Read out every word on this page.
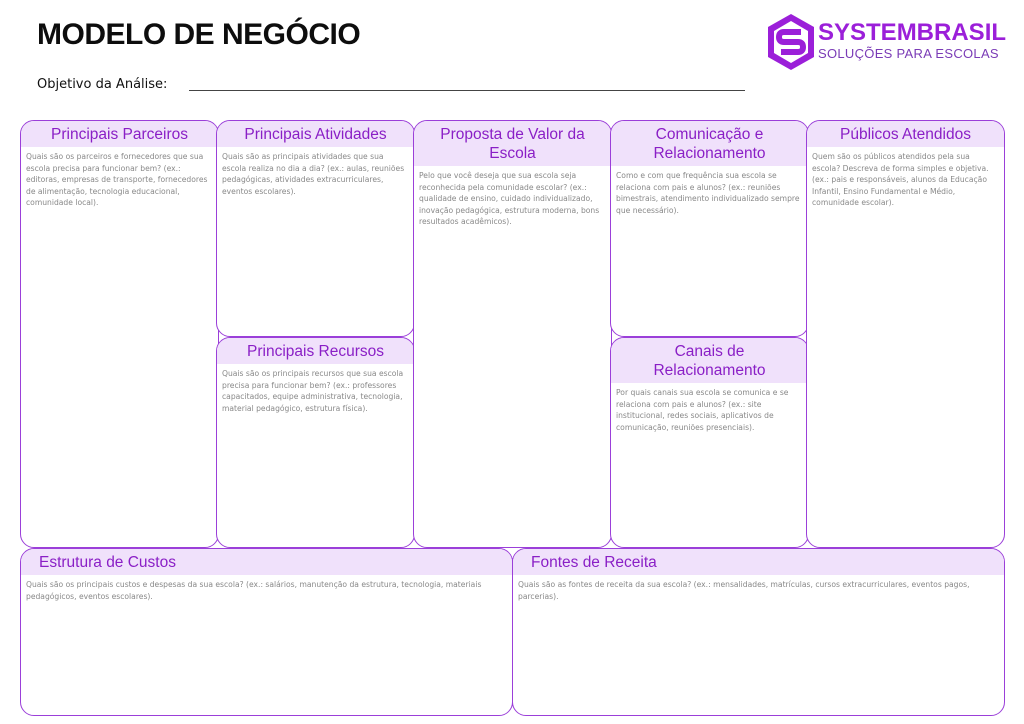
MODELO DE NEGÓCIO
Objetivo da Análise:
SYSTEMBRASIL
SOLUÇÕES PARA ESCOLAS
Principais Parceiros
Quais são os parceiros e fornecedores que sua escola precisa para funcionar bem? (ex.: editoras, empresas de transporte, fornecedores de alimentação, tecnologia educacional, comunidade local).
Principais Atividades
Quais são as principais atividades que sua escola realiza no dia a dia? (ex.: aulas, reuniões pedagógicas, atividades extracurriculares, eventos escolares).
Principais Recursos
Quais são os principais recursos que sua escola precisa para funcionar bem? (ex.: professores capacitados, equipe administrativa, tecnologia, material pedagógico, estrutura física).
Proposta de Valor da Escola
Pelo que você deseja que sua escola seja reconhecida pela comunidade escolar? (ex.: qualidade de ensino, cuidado individualizado, inovação pedagógica, estrutura moderna, bons resultados acadêmicos).
Comunicação e Relacionamento
Como e com que frequência sua escola se relaciona com pais e alunos? (ex.: reuniões bimestrais, atendimento individualizado sempre que necessário).
Canais de Relacionamento
Por quais canais sua escola se comunica e se relaciona com pais e alunos? (ex.: site institucional, redes sociais, aplicativos de comunicação, reuniões presenciais).
Públicos Atendidos
Quem são os públicos atendidos pela sua escola? Descreva de forma simples e objetiva. (ex.: pais e responsáveis, alunos da Educação Infantil, Ensino Fundamental e Médio, comunidade escolar).
Estrutura de Custos
Quais são os principais custos e despesas da sua escola? (ex.: salários, manutenção da estrutura, tecnologia, materiais pedagógicos, eventos escolares).
Fontes de Receita
Quais são as fontes de receita da sua escola? (ex.: mensalidades, matrículas, cursos extracurriculares, eventos pagos, parcerias).
